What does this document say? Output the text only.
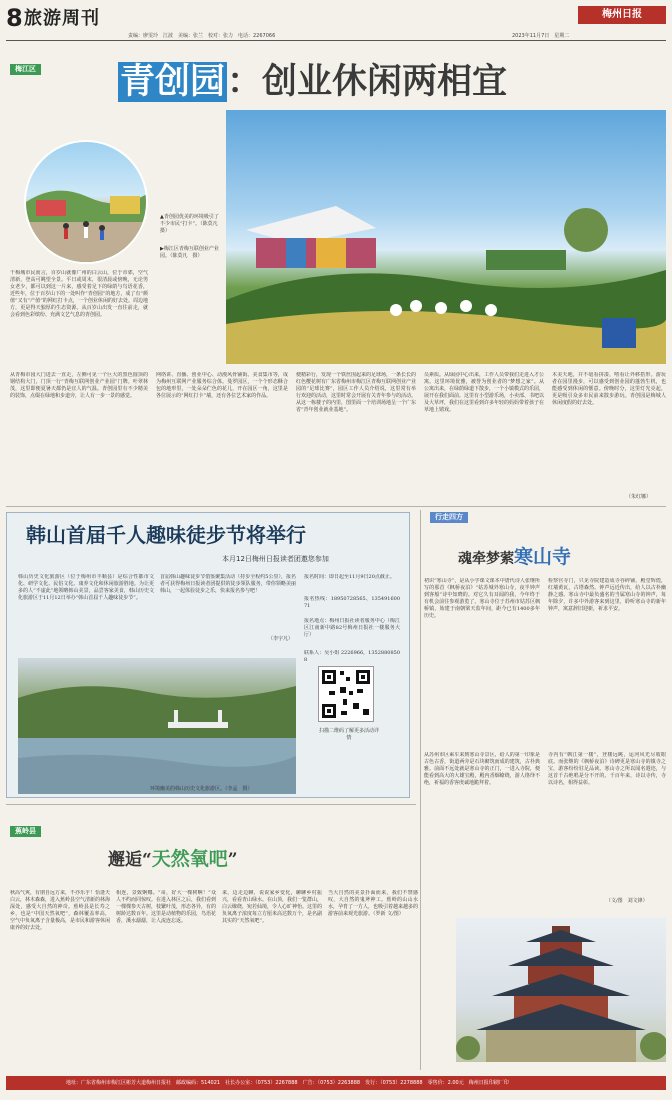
8 旅游周刊
责编：廖雯玲　江波　美编：张兰　校对：张力　电话：2267066
梅州日报
2023年11月7日　星期二
梅江区 青创园：创业休闲两相宜
▲青创园优美的环境吸引了不少市民“打卡”。（陈莫凡　摄）
▶梅江区青梅互联创业产业园。（陈莫凡　摄）
干梅城市民而言，百岁山就像广州的白云山，位于市郊，空气清新，登高可眺望全景。平日或周末，很清晨或傍晚，无论男女老少，都可以到这一片来，感受着足下的绿荫与鸟语花香，近些年，位于百岁山下的一处叫作“青创园”的地方，成了有“颜值”又有“产值”的网红打卡点，一个创业休闲的好去处。周边地方，更是得天独厚的生态资源。从百岁山出发一直往前走，就会看到色彩缤纷、充满文艺气息的青创园。
从青梅市园大门进去一直走，左侧可见一个巨大的黑色圆顶的钢结构大门，门顶一行“青梅互联网创业产业园”门牌。叶翠林茂，这里即便夏暑天都仍是宜人的气温。青创园里有不少精美的装饰，点缀在绿地和步道旁，让人有一步一景的感觉。
网络讲、直播、创业中心、动漫风骨铺街、美食集市等，成为梅州互联网产业服务综合体。曼罗园区，一个个形态酥合包的地形里，一处朵朵伫色的花儿，开在园区一角，这里是各位展示的“网红打卡”墙，还有各位艺术家的作品。
便精彩行，发现一个铁丝围起来的足球场，一条长长的红色樱花树有广东省梅州市梅江区青梅互联网创业产业园的“足球比赛”，园区工作人员介绍说，这里常有举行欢迎的活动，这里时常会开展有关青年参与的活动。从这一栋楼子的内里，图里面一个培训场地呈一个广东省“青年创业就业基地”。
员素质。从绿园中心出来，工作人员带我们走进入才公寓。这里环境优雅，被誉为创业者的“梦想之家”。从公寓出来，在绿荫绿道下散步，一个小镇模式的乐园，展开在我们面前。这里有小型游乐场，小卖部、书吧以及大草坪，我们在这里看到许多年轻的妈妈带着孩子在草地上嬉戏。
木美天地，并不毫看拼凑，嘻看让外移搭形。游玩者在园里漫步，可以感受到创业园的蓬勃生机，也能感受到休闲的惬意。傍晚时分，这里灯光亮起，更是吸引众多市民前来散步游玩。青创园是梅城人休闲度假的好去处。
（朱红娜）
韩山首届千人趣味徒步节将举行
本月12日梅州日报读者团邀您参加
韩山历史文化旅游区（位于梅州市丰顺县）是综合性都市文化、研学文化、民俗文化、康养文化和休闲旅游胜地。为让更多的人“不虚此”地领略韩山美景，品尝客家美食，韩山历史文化旅游区于11月12日举办“韩山首届千人趣味徒步节”。
首届韩山趣味徒步节借鉴聚集活动（持步全程约5公里），报名者可获得梅州日报读者团提供的徒步领队服务，带你领略美丽韩山，一起体验徒步之乐，快来报名参与吧！
（李宇凡）
报名时间：即日起至11月9日20点截止。
报名热线：18950728565、13549160071
报名地点：梅州日报社读者服务中心（梅江区江南新中路82号梅州日报社一楼服务大厅）
联系人：吴小姐 2226966，13528808508
扫描二维码了解更多活动详情
环境幽美的韩山历史文化旅游区。（李孟　摄）
行走四方
魂牵梦萦寒山寺
初识“寒山寺”，是从小学课文课本中唐代诗人张继所写的那首《枫桥夜泊》“姑苏城外寒山寺，夜半钟声到客船”诗中知晓的。对它久有耳闻的我，今年终于有机会前往参观游览了。寒山寺位于苏州市姑苏区枫桥镇，始建于南朝梁天监年间，距今已有1400多年历史。
从苏州市区乘车来到寒山寺景区，给人的第一印象是古色古香，街道两旁是石块砌筑而成的建筑，古朴典雅。前面不远处就是寒山寺的正门，一进入寺院，便能看到高大的大雄宝殿，殿内香烟缭绕，游人络绎不绝，祈福的香客虔诚地跪拜着。
检察官寺门，只见寺院建造成寺谷碎铺，殿堂辉煌，红墙黄瓦，古塔森然。钟声远近传出，给人以古朴幽静之感。寒山寺中最负盛名的当属寒山寺的钟声，每年除夕，许多中外游客来到这里，聆听寒山寺的新年钟声，寓意辞旧迎新，祈求平安。
寺内有“枫江第一楼”，登楼远眺，运河风光尽收眼底。而张继的《枫桥夜泊》诗碑更是寒山寺的镇寺之宝，游客纷纷驻足品读。寒山寺之所以闻名遐迩，与这首千古绝唱是分不开的。千百年来，诗以寺传，寺以诗名，相得益彰。
（文/图　刘文锋）
蕉岭县
邂逅“天然氧吧”
秋高气爽，有朋自远方来，不亦乐乎！恰逢天白云，林木森森，进入蕉岭县空气清新的林海深处，感受大自然的神奇。蕉岭县是长寿之乡，也是“中国天然氧吧”，森林覆盖率高，空气中负氧离子含量极高，是市民和游客休闲康养的好去处。
相连，景致婀娜。“哥，好大一棵树啊！”众人不约而同惊叹。在进入林区之后，我们看到一棵棵参天古树，枝繁叶茂，形态各异，有的树龄达数百年。这里是动植物的乐园，鸟语花香，溪水潺潺，让人流连忘返。
来，边走边聊，说说家乡变化，聊聊乡村振兴，看看青山绿水。在山顶，我们一览群山，白云缭绕，宛若仙境，令人心旷神怡。这里的负氧离子浓度每立方厘米高达数万个，是名副其实的“天然氧吧”。
当大自然的美景扑面而来，我们不禁感叹，大自然的鬼斧神工。蕉岭的山山水水，孕育了一方人，也吸引着越来越多的游客前来观光旅游。（罗新 文/图）
地址：广东省梅州市梅江区彬芳大道梅州日报社　邮政编码：514021　社长办公室：（0753）2267888　广告：（0753）2263888　发行：（0753）2278888　零售价：2.00元　梅州日报印刷厂印
